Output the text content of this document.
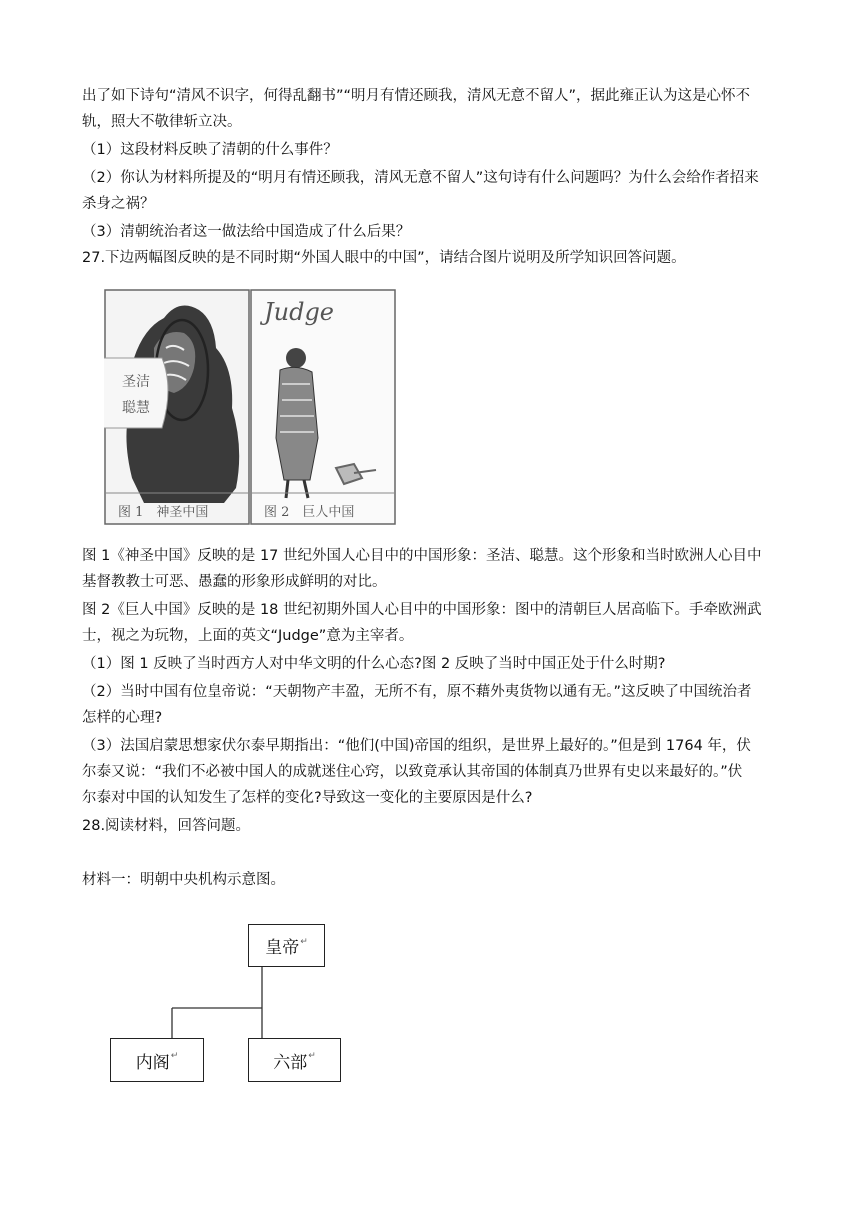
出了如下诗句“清风不识字，何得乱翻书”“明月有情还顾我，清风无意不留人”，据此雍正认为这是心怀不

轨，照大不敬律斩立决。

（1）这段材料反映了清朝的什么事件？

（2）你认为材料所提及的“明月有情还顾我，清风无意不留人”这句诗有什么问题吗？为什么会给作者招来

杀身之祸？

（3）清朝统治者这一做法给中国造成了什么后果？

27.下边两幅图反映的是不同时期“外国人眼中的中国”，请结合图片说明及所学知识回答问题。

圣洁
聪慧
图 1　神圣中国
Judge
图 2　巨人中国

图 1《神圣中国》反映的是 17 世纪外国人心目中的中国形象：圣洁、聪慧。这个形象和当时欧洲人心目中

基督教教士可恶、愚蠢的形象形成鲜明的对比。

图 2《巨人中国》反映的是 18 世纪初期外国人心目中的中国形象：图中的清朝巨人居高临下。手牵欧洲武

士，视之为玩物，上面的英文“Judge”意为主宰者。

（1）图 1 反映了当时西方人对中华文明的什么心态?图 2 反映了当时中国正处于什么时期?

（2）当时中国有位皇帝说：“天朝物产丰盈，无所不有，原不藉外夷货物以通有无。”这反映了中国统治者

怎样的心理?

（3）法国启蒙思想家伏尔泰早期指出：“他们(中国)帝国的组织，是世界上最好的。”但是到 1764 年，伏

尔泰又说：“我们不必被中国人的成就迷住心窍，以致竟承认其帝国的体制真乃世界有史以来最好的。”伏

尔泰对中国的认知发生了怎样的变化?导致这一变化的主要原因是什么?

28.阅读材料，回答问题。

材料一：明朝中央机构示意图。

皇帝 ↵
内阁 ↵	六部 ↵
